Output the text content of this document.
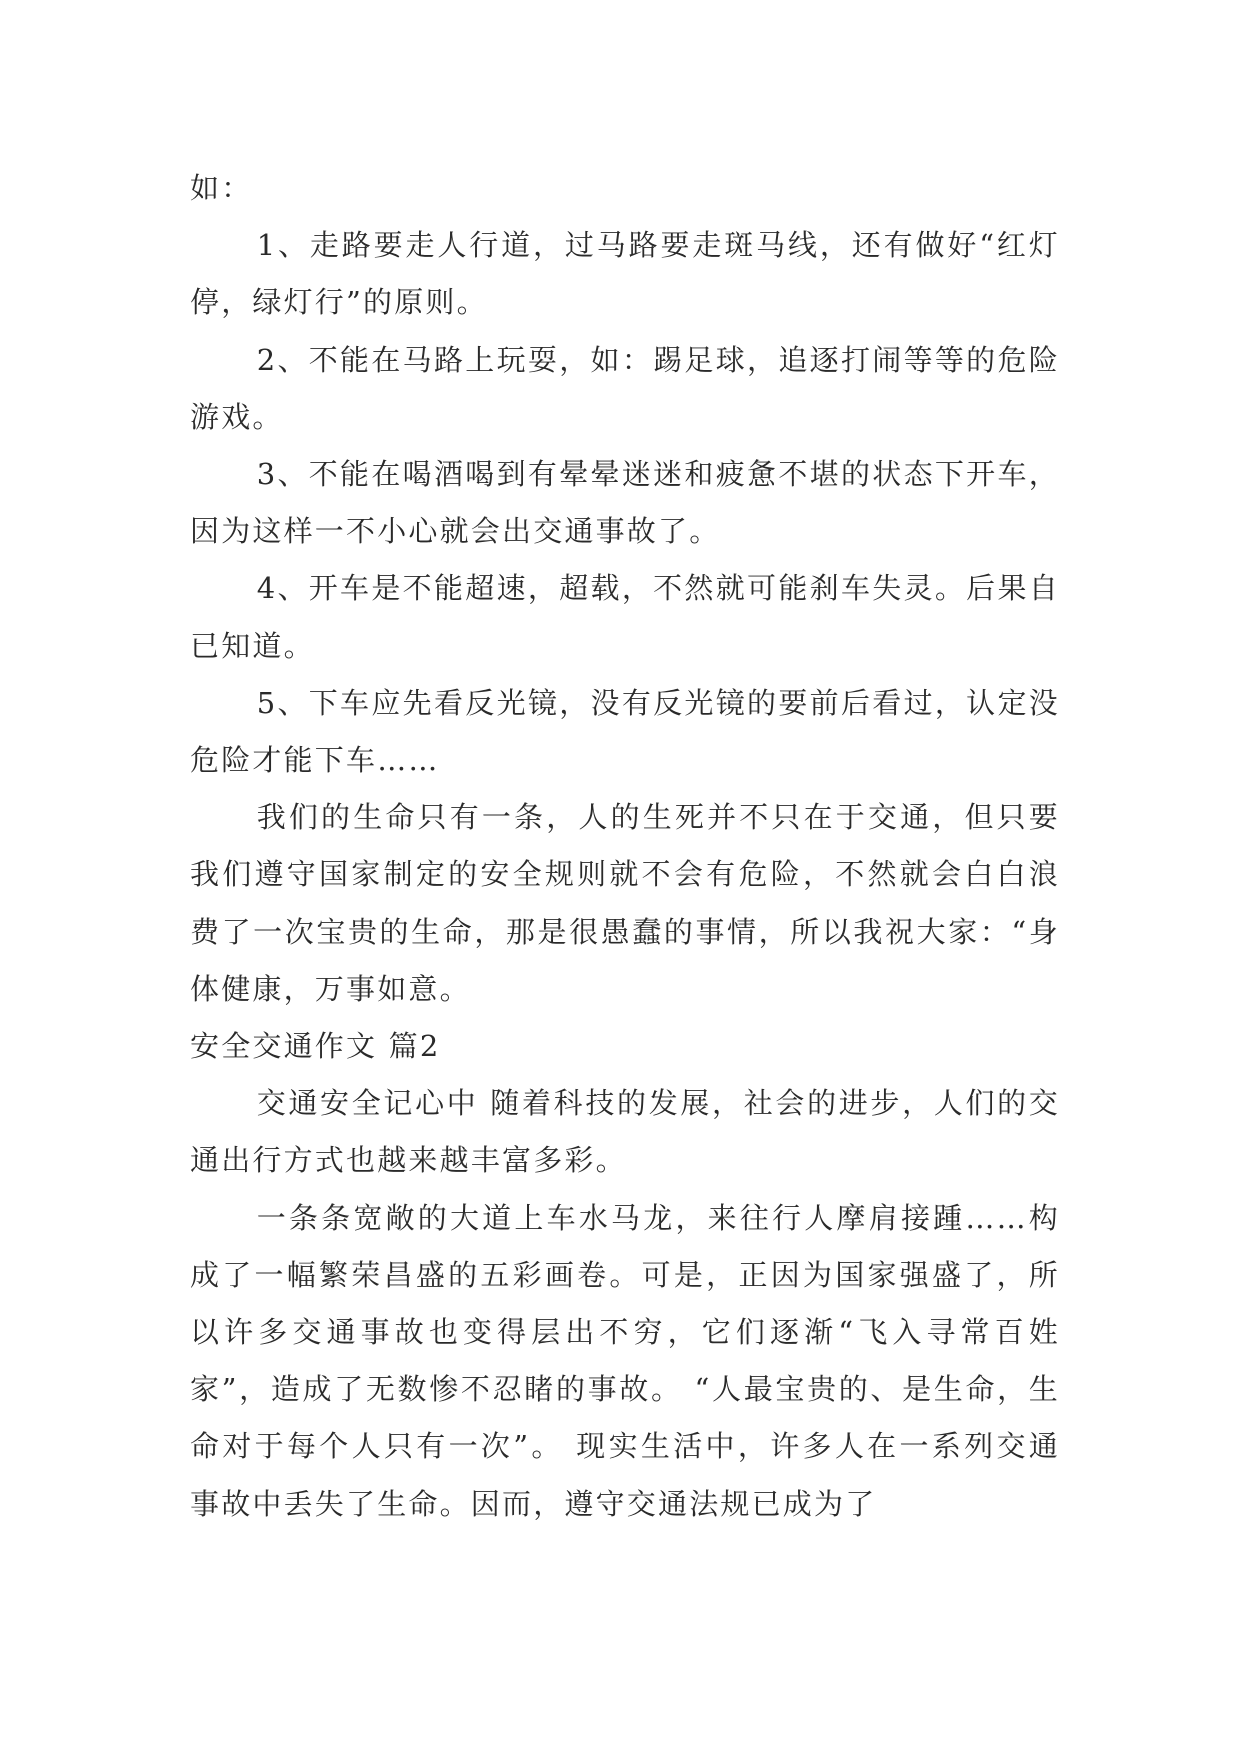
如：

1、走路要走人行道，过马路要走斑马线，还有做好“红灯停，绿灯行”的原则。

2、不能在马路上玩耍，如：踢足球，追逐打闹等等的危险游戏。

3、不能在喝酒喝到有晕晕迷迷和疲惫不堪的状态下开车，因为这样一不小心就会出交通事故了。

4、开车是不能超速，超载，不然就可能刹车失灵。后果自已知道。

5、下车应先看反光镜，没有反光镜的要前后看过，认定没危险才能下车……

我们的生命只有一条，人的生死并不只在于交通，但只要我们遵守国家制定的安全规则就不会有危险，不然就会白白浪费了一次宝贵的生命，那是很愚蠢的事情，所以我祝大家：“身体健康，万事如意。

安全交通作文 篇2

交通安全记心中 随着科技的发展，社会的进步，人们的交通出行方式也越来越丰富多彩。

一条条宽敞的大道上车水马龙，来往行人摩肩接踵……构成了一幅繁荣昌盛的五彩画卷。可是，正因为国家强盛了，所以许多交通事故也变得层出不穷，它们逐渐“飞入寻常百姓家”，造成了无数惨不忍睹的事故。 “人最宝贵的、是生命，生命对于每个人只有一次”。 现实生活中，许多人在一系列交通事故中丢失了生命。因而，遵守交通法规已成为了
